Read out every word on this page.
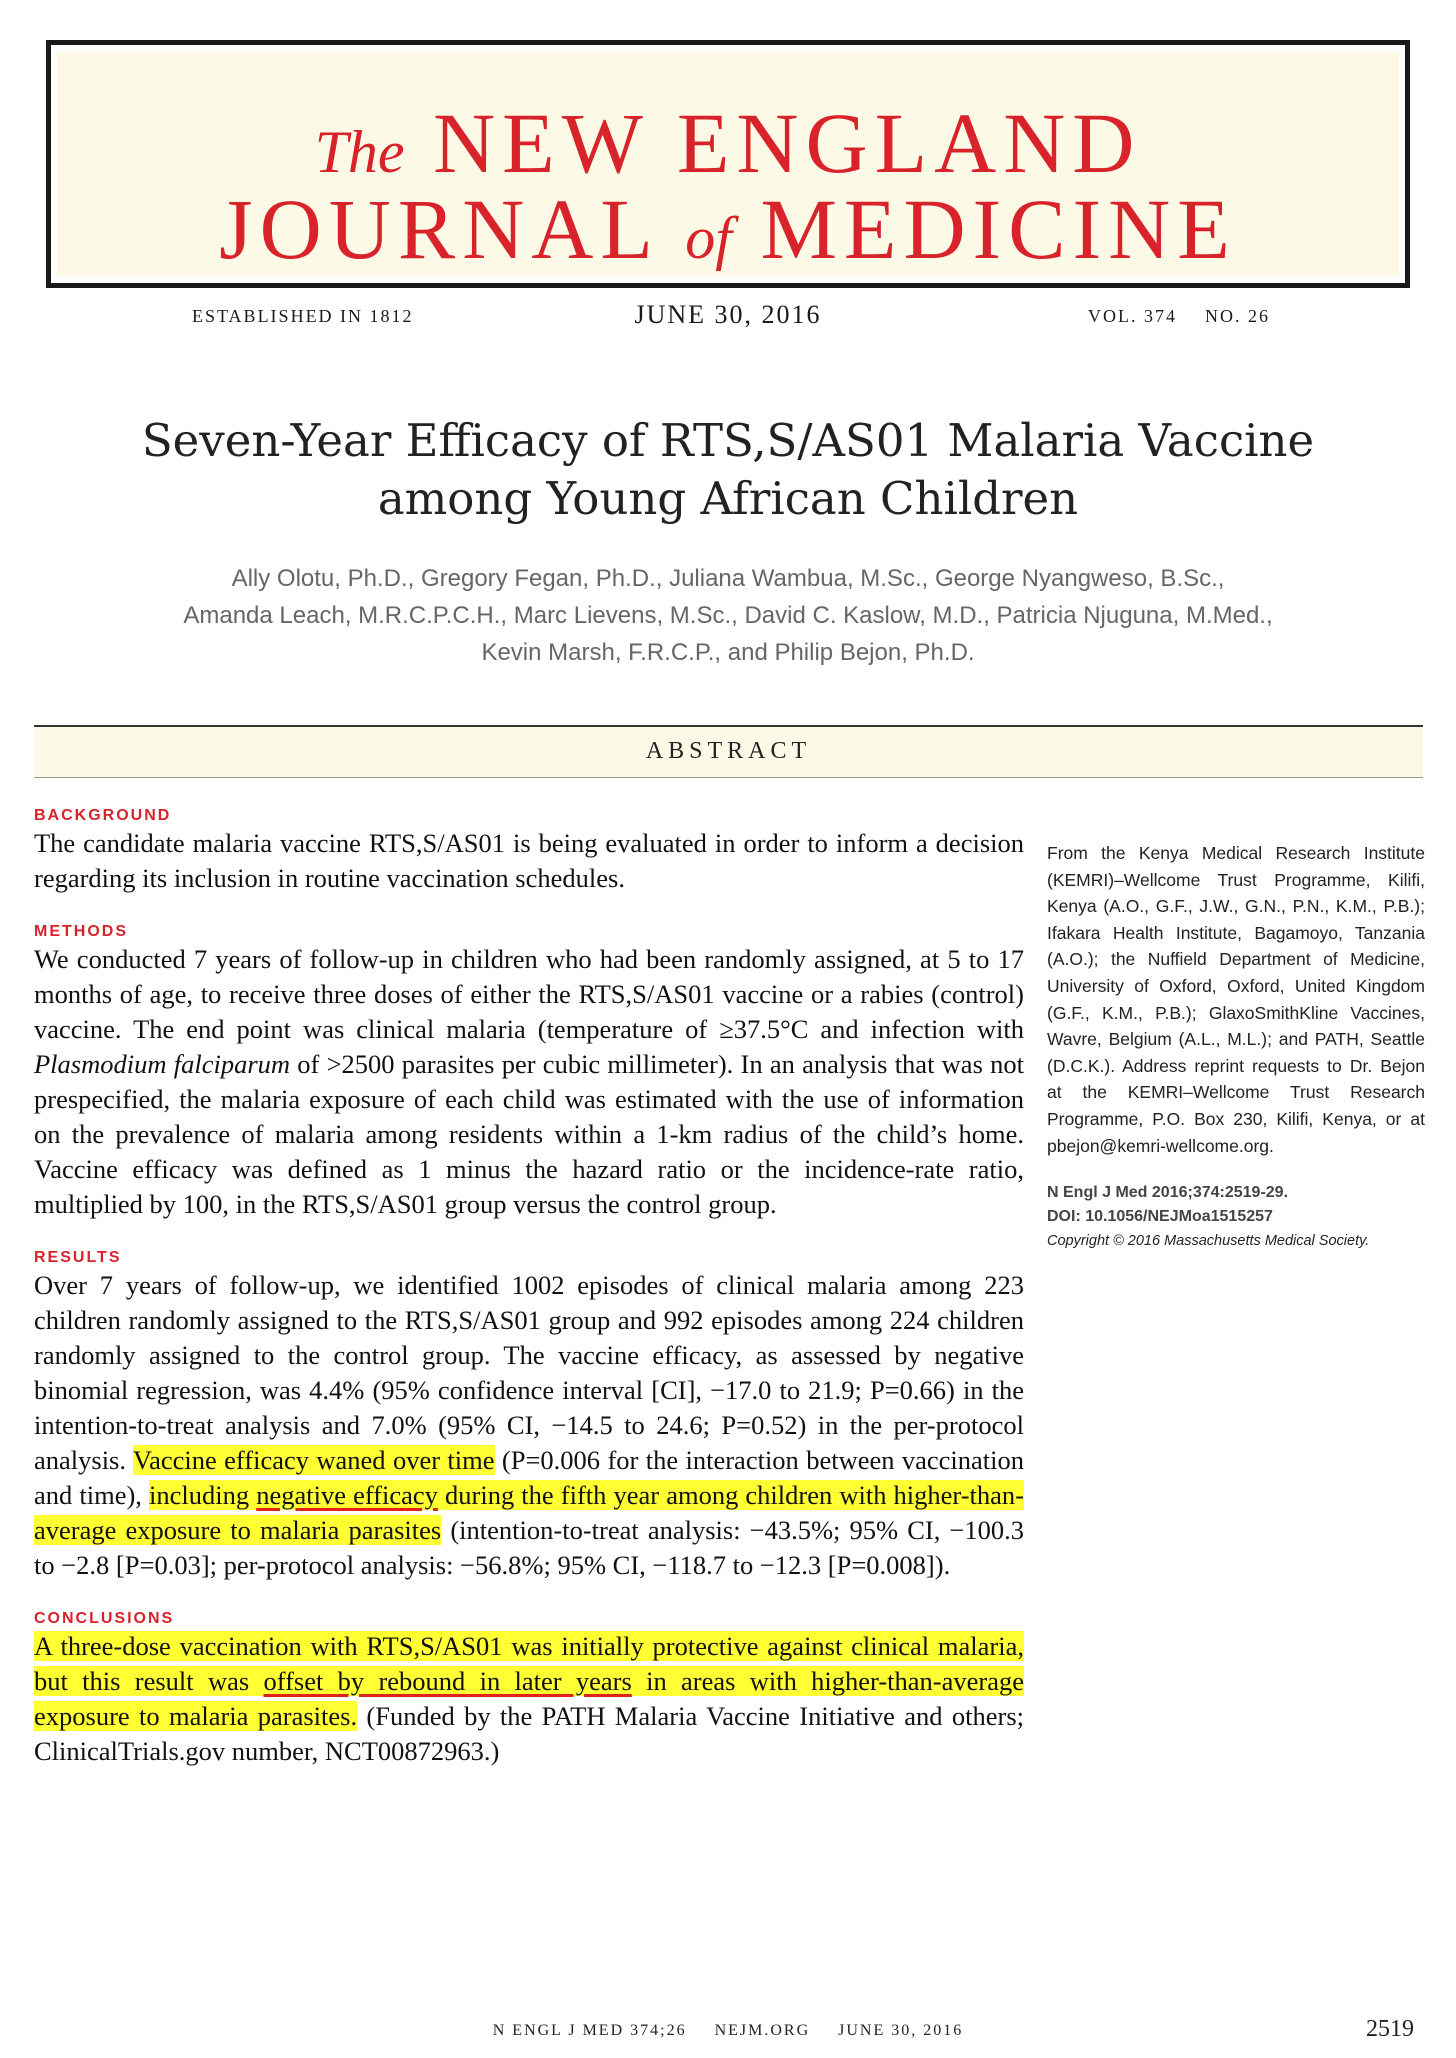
The NEW ENGLAND
JOURNAL of MEDICINE
ESTABLISHED IN 1812	JUNE 30, 2016	VOL. 374 NO. 26
Seven-Year Efficacy of RTS,S/AS01 Malaria Vaccine
among Young African Children
Ally Olotu, Ph.D., Gregory Fegan, Ph.D., Juliana Wambua, M.Sc., George Nyangweso, B.Sc.,
Amanda Leach, M.R.C.P.C.H., Marc Lievens, M.Sc., David C. Kaslow, M.D., Patricia Njuguna, M.Med.,
Kevin Marsh, F.R.C.P., and Philip Bejon, Ph.D.
ABSTRACT

BACKGROUND

The candidate malaria vaccine RTS,S/AS01 is being evaluated in order to inform a decision regarding its inclusion in routine vaccination schedules.

METHODS

We conducted 7 years of follow-up in children who had been randomly assigned, at 5 to 17 months of age, to receive three doses of either the RTS,S/AS01 vaccine or a rabies (control) vaccine. The end point was clinical malaria (temperature of ≥37.5°C and infection with Plasmodium falciparum of >2500 parasites per cubic millimeter). In an analysis that was not prespecified, the malaria exposure of each child was estimated with the use of information on the prevalence of malaria among residents within a 1-km radius of the child’s home. Vaccine efficacy was defined as 1 minus the hazard ratio or the incidence-rate ratio, multiplied by 100, in the RTS,S/AS01 group versus the control group.

RESULTS

Over 7 years of follow-up, we identified 1002 episodes of clinical malaria among 223 children randomly assigned to the RTS,S/AS01 group and 992 episodes among 224 children randomly assigned to the control group. The vaccine efficacy, as assessed by negative binomial regression, was 4.4% (95% confidence interval [CI], −17.0 to 21.9; P=0.66) in the intention-to-treat analysis and 7.0% (95% CI, −14.5 to 24.6; P=0.52) in the per-protocol analysis. Vaccine efficacy waned over time (P=0.006 for the interaction between vaccination and time), including negative efficacy during the fifth year among children with higher-than-average exposure to malaria parasites (intention-to-treat analysis: −43.5%; 95% CI, −100.3 to −2.8 [P=0.03]; per-protocol analysis: −56.8%; 95% CI, −118.7 to −12.3 [P=0.008]).

CONCLUSIONS

A three-dose vaccination with RTS,S/AS01 was initially protective against clinical malaria, but this result was offset by rebound in later years in areas with higher-than-average exposure to malaria parasites. (Funded by the PATH Malaria Vaccine Initiative and others; ClinicalTrials.gov number, NCT00872963.)

From the Kenya Medical Research Institute (KEMRI)–Wellcome Trust Programme, Kilifi, Kenya (A.O., G.F., J.W., G.N., P.N., K.M., P.B.); Ifakara Health Institute, Bagamoyo, Tanzania (A.O.); the Nuffield Department of Medicine, University of Oxford, Oxford, United Kingdom (G.F., K.M., P.B.); GlaxoSmithKline Vaccines, Wavre, Belgium (A.L., M.L.); and PATH, Seattle (D.C.K.). Address reprint requests to Dr. Bejon at the KEMRI–Wellcome Trust Research Programme, P.O. Box 230, Kilifi, Kenya, or at pbejon@kemri-wellcome.org.

N Engl J Med 2016;374:2519-29.
DOI: 10.1056/NEJMoa1515257
Copyright © 2016 Massachusetts Medical Society.
N ENGL J MED 374;26 NEJM.ORG JUNE 30, 2016	2519
